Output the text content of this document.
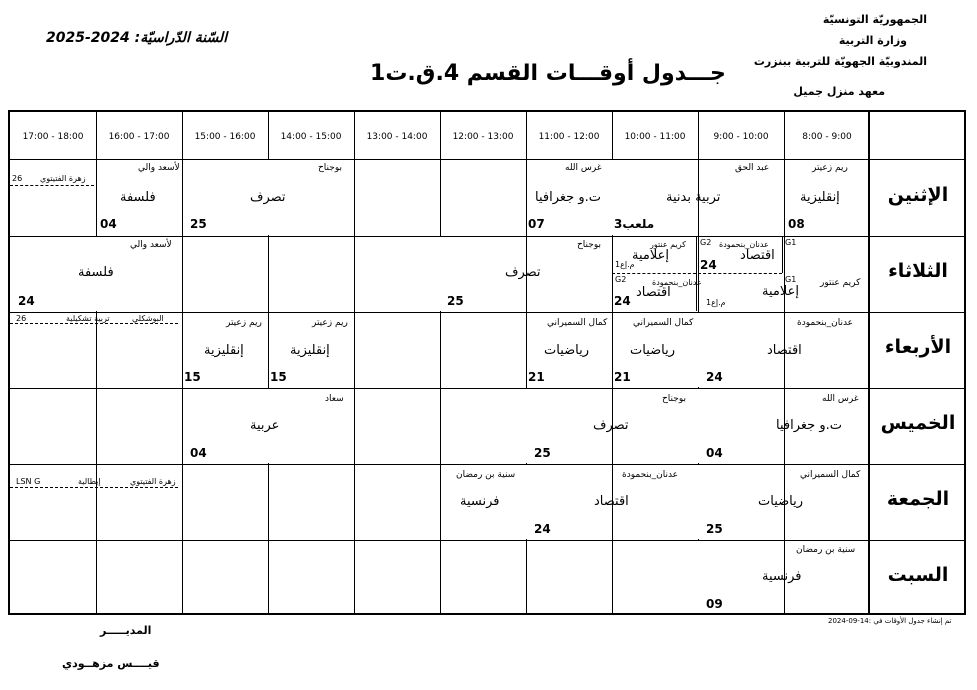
الجمهوريّة التونسيّة
وزارة التربية
المندوبيّة الجهويّة للتربية ببنزرت
معهد منزل جميل
السّنة الدّراسيّة: 2024-2025
جـــدول أوقـــات القسم 4.ق.ت1
8:00 - 9:00
9:00 - 10:00
10:00 - 11:00
11:00 - 12:00
12:00 - 13:00
13:00 - 14:00
14:00 - 15:00
15:00 - 16:00
16:00 - 17:00
17:00 - 18:00
الإثنين
الثلاثاء
الأربعاء
الخميس
الجمعة
السبت
ريم زعيتر
إنقليزية
08
عبد الحق
تربية بدنية
ملعب3
غرس الله
ت.و جغرافيا
07
بوجناح
تصرف
25
لأسعد والي
فلسفة
04
زهرة الفتيتوي
26
G1
عدنان_بنحمودة
اقتصاد
24
G2
كريم عنتور
إعلامية
م.إع1
G1	كريم عنتور
إعلامية
م.إع1
G2	عدنان_بنحمودة
اقتصاد
24
بوجناح
تصرف
25
لأسعد والي
فلسفة
24
عدنان_بنحمودة
اقتصاد
24
كمال السميراني
رياضيات
21
كمال السميراني
رياضيات
21
ريم زعيتر
إنقليزية
15
ريم زعيتر
إنقليزية
15
البوشكلي
تربية تشكيلية
26
غرس الله
ت.و جغرافيا
04
بوجناح
تصرف
25
سعاد
عربية
04
كمال السميراني
رياضيات
25
عدنان_بنحمودة
اقتصاد
24
سنية بن رمضان
فرنسية
زهرة الفتيتوي
إيطالية
LSN G
سنية بن رمضان
فرنسية
09
تم إنشاء جدول الأوقات في :14-09-2024
المديـــــر
قيــــس مزهــودي
